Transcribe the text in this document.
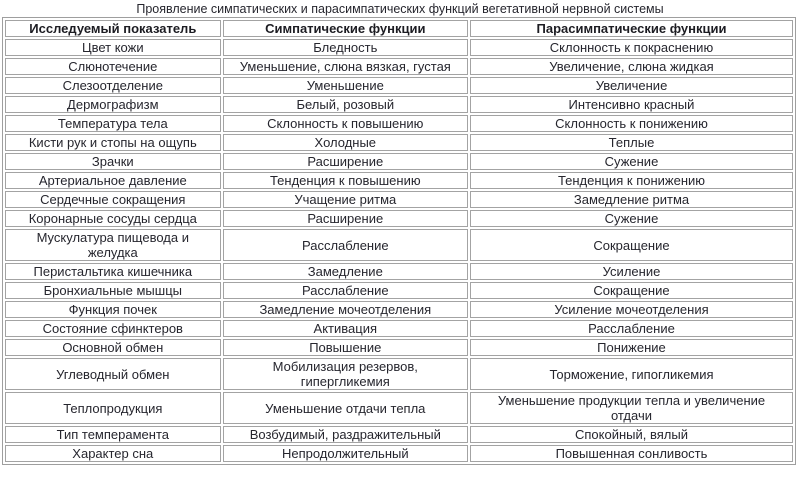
Проявление симпатических и парасимпатических функций вегетативной нервной системы
Исследуемый показатель	Симпатические функции	Парасимпатические функции
Цвет кожи	Бледность	Склонность к покраснению
Слюнотечение	Уменьшение, слюна вязкая, густая	Увеличение, слюна жидкая
Слезоотделение	Уменьшение	Увеличение
Дермографизм	Белый, розовый	Интенсивно красный
Температура тела	Склонность к повышению	Склонность к понижению
Кисти рук и стопы на ощупь	Холодные	Теплые
Зрачки	Расширение	Сужение
Артериальное давление	Тенденция к повышению	Тенденция к понижению
Сердечные сокращения	Учащение ритма	Замедление ритма
Коронарные сосуды сердца	Расширение	Сужение
Мускулатура пищевода и желудка	Расслабление	Сокращение
Перистальтика кишечника	Замедление	Усиление
Бронхиальные мышцы	Расслабление	Сокращение
Функция почек	Замедление мочеотделения	Усиление мочеотделения
Состояние сфинктеров	Активация	Расслабление
Основной обмен	Повышение	Понижение
Углеводный обмен	Мобилизация резервов, гипергликемия	Торможение, гипогликемия
Теплопродукция	Уменьшение отдачи тепла	Уменьшение продукции тепла и увеличение отдачи
Тип темперамента	Возбудимый, раздражительный	Спокойный, вялый
Характер сна	Непродолжительный	Повышенная сонливость
